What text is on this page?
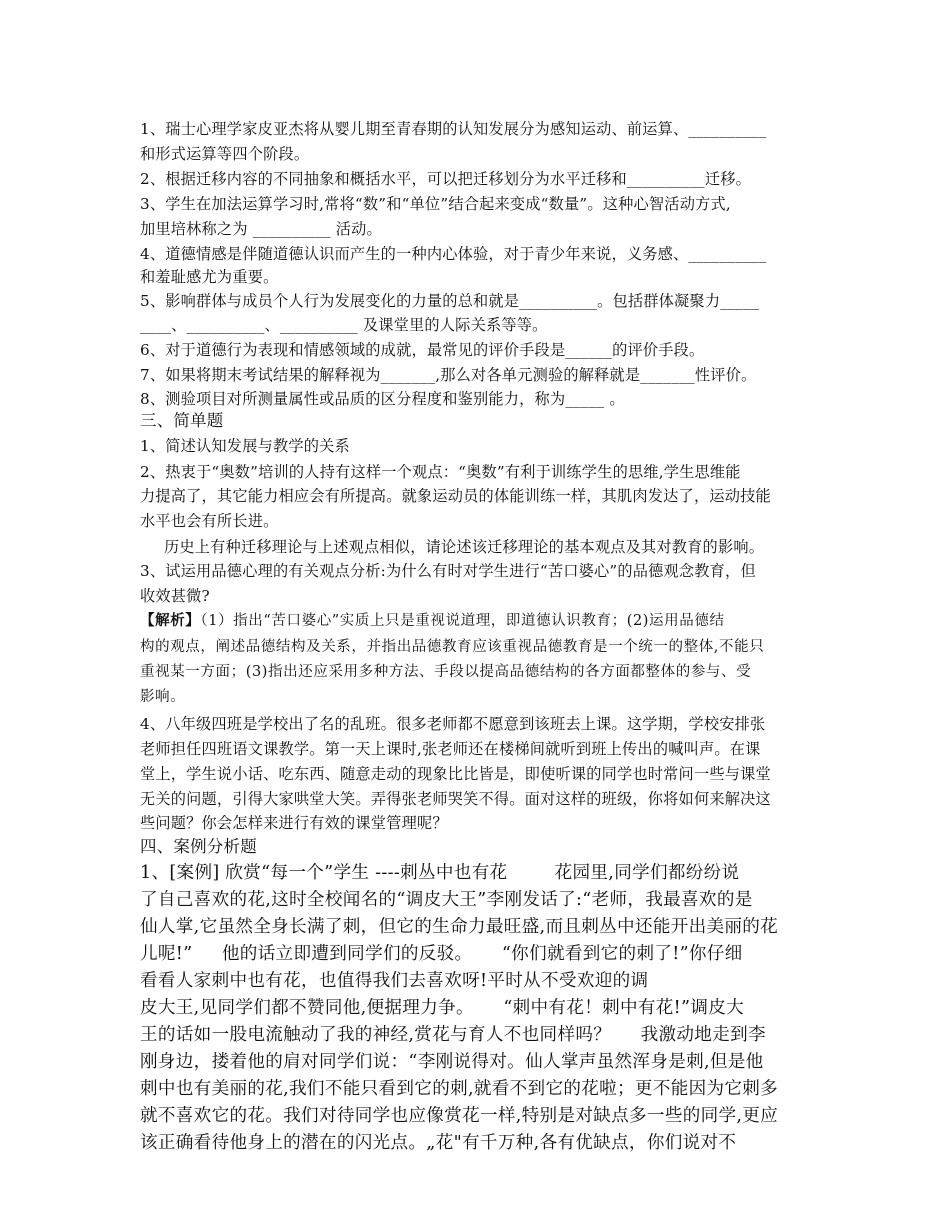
1、瑞士心理学家皮亚杰将从婴儿期至青春期的认知发展分为感知运动、前运算、__________
和形式运算等四个阶段。
2、根据迁移内容的不同抽象和概括水平，可以把迁移划分为水平迁移和__________迁移。
3、学生在加法运算学习时,常将“数”和“单位”结合起来变成“数量”。这种心智活动方式,
加里培林称之为 __________ 活动。
4、道德情感是伴随道德认识而产生的一种内心体验，对于青少年来说，义务感、__________
和羞耻感尤为重要。
5、影响群体与成员个人行为发展变化的力量的总和就是__________。包括群体凝聚力_____
____、__________、__________ 及课堂里的人际关系等等。
6、对于道德行为表现和情感领域的成就，最常见的评价手段是______的评价手段。
7、如果将期末考试结果的解释视为_______,那么对各单元测验的解释就是_______性评价。
8、测验项目对所测量属性或品质的区分程度和鉴别能力，称为_____ 。
三、简单题
1、简述认知发展与教学的关系
2、热衷于“奥数”培训的人持有这样一个观点：“奥数”有利于训练学生的思维,学生思维能
力提高了，其它能力相应会有所提高。就象运动员的体能训练一样，其肌肉发达了，运动技能
水平也会有所长进。
历史上有种迁移理论与上述观点相似，请论述该迁移理论的基本观点及其对教育的影响。
3、试运用品德心理的有关观点分析:为什么有时对学生进行“苦口婆心”的品德观念教育，但
收效甚微?
【解析】（1）指出“苦口婆心”实质上只是重视说道理，即道德认识教育；(2)运用品德结
构的观点，阐述品德结构及关系，并指出品德教育应该重视品德教育是一个统一的整体,不能只
重视某一方面；(3)指出还应采用多种方法、手段以提高品德结构的各方面都整体的参与、受
影响。
4、八年级四班是学校出了名的乱班。很多老师都不愿意到该班去上课。这学期，学校安排张
老师担任四班语文课教学。第一天上课时,张老师还在楼梯间就听到班上传出的喊叫声。在课
堂上，学生说小话、吃东西、随意走动的现象比比皆是，即使听课的同学也时常问一些与课堂
无关的问题，引得大家哄堂大笑。弄得张老师哭笑不得。面对这样的班级，你将如何来解决这
些问题？你会怎样来进行有效的课堂管理呢？
四、案例分析题
1、[案例] 欣赏“每一个”学生 ----刺丛中也有花        花园里,同学们都纷纷说
了自己喜欢的花,这时全校闻名的“调皮大王”李刚发话了:“老师，我最喜欢的是
仙人掌,它虽然全身长满了刺，但它的生命力最旺盛,而且刺丛中还能开出美丽的花
儿呢!”     他的话立即遭到同学们的反驳。     “你们就看到它的刺了!”你仔细
看看人家刺中也有花，也值得我们去喜欢呀!平时从不受欢迎的调
皮大王,见同学们都不赞同他,便据理力争。     “刺中有花！刺中有花!”调皮大
王的话如一股电流触动了我的神经,赏花与育人不也同样吗？     我激动地走到李
刚身边，搂着他的肩对同学们说：“李刚说得对。仙人掌声虽然浑身是刺,但是他
刺中也有美丽的花,我们不能只看到它的刺,就看不到它的花啦；更不能因为它刺多
就不喜欢它的花。我们对待同学也应像赏花一样,特别是对缺点多一些的同学,更应
该正确看待他身上的潜在的闪光点。„花"有千万种,各有优缺点，你们说对不
